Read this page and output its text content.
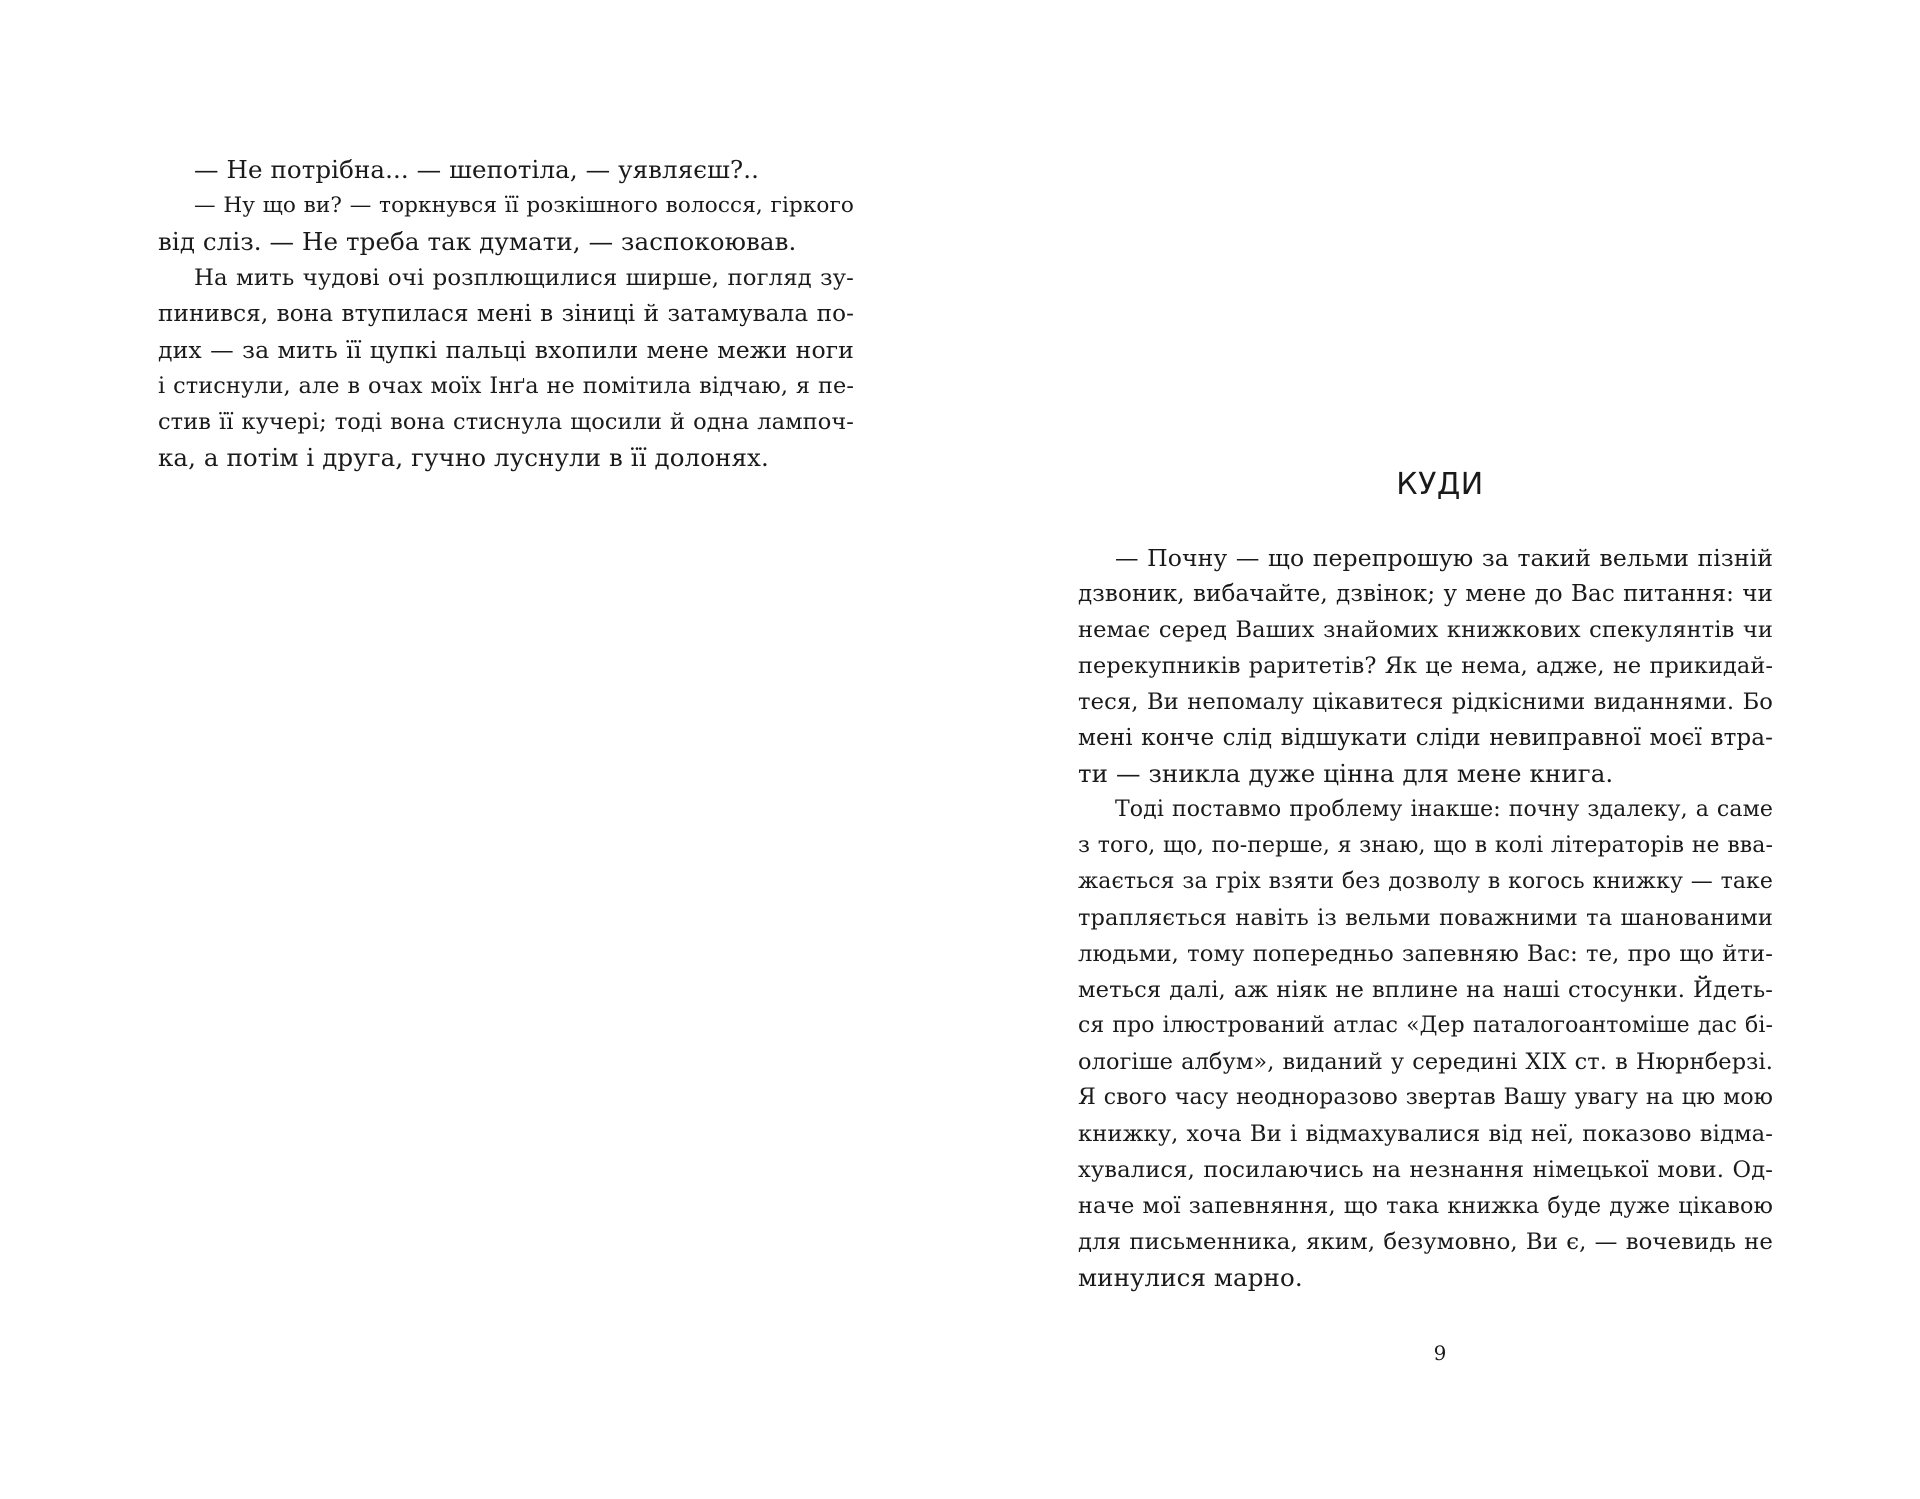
— Не потрібна... — шепотіла, — уявляєш?..
— Ну що ви? — торкнувся її розкішного волосся, гіркого
від сліз. — Не треба так думати, — заспокоював.
На мить чудові очі розплющилися ширше, погляд зу-
пинився, вона втупилася мені в зіниці й затамувала по-
дих — за мить її цупкі пальці вхопили мене межи ноги
і стиснули, але в очах моїх Інґа не помітила відчаю, я пе-
стив її кучері; тоді вона стиснула щосили й одна лампоч-
ка, а потім і друга, гучно луснули в її долонях.
КУДИ
— Почну — що перепрошую за такий вельми пізній
дзвоник, вибачайте, дзвінок; у мене до Вас питання: чи
немає серед Ваших знайомих книжкових спекулянтів чи
перекупників раритетів? Як це нема, адже, не прикидай-
теся, Ви непомалу цікавитеся рідкісними виданнями. Бо
мені конче слід відшукати сліди невиправної моєї втра-
ти — зникла дуже цінна для мене книга.
Тоді поставмо проблему інакше: почну здалеку, а саме
з того, що, по-перше, я знаю, що в колі літераторів не вва-
жається за гріх взяти без дозволу в когось книжку — таке
трапляється навіть із вельми поважними та шанованими
людьми, тому попередньо запевняю Вас: те, про що йти-
меться далі, аж ніяк не вплине на наші стосунки. Йдеть-
ся про ілюстрований атлас «Дер паталогоантоміше дас бі-
ологіше албум», виданий у середині XIX ст. в Нюрнберзі.
Я свого часу неодноразово звертав Вашу увагу на цю мою
книжку, хоча Ви і відмахувалися від неї, показово відма-
хувалися, посилаючись на незнання німецької мови. Од-
наче мої запевняння, що така книжка буде дуже цікавою
для письменника, яким, безумовно, Ви є, — вочевидь не
минулися марно.
9
